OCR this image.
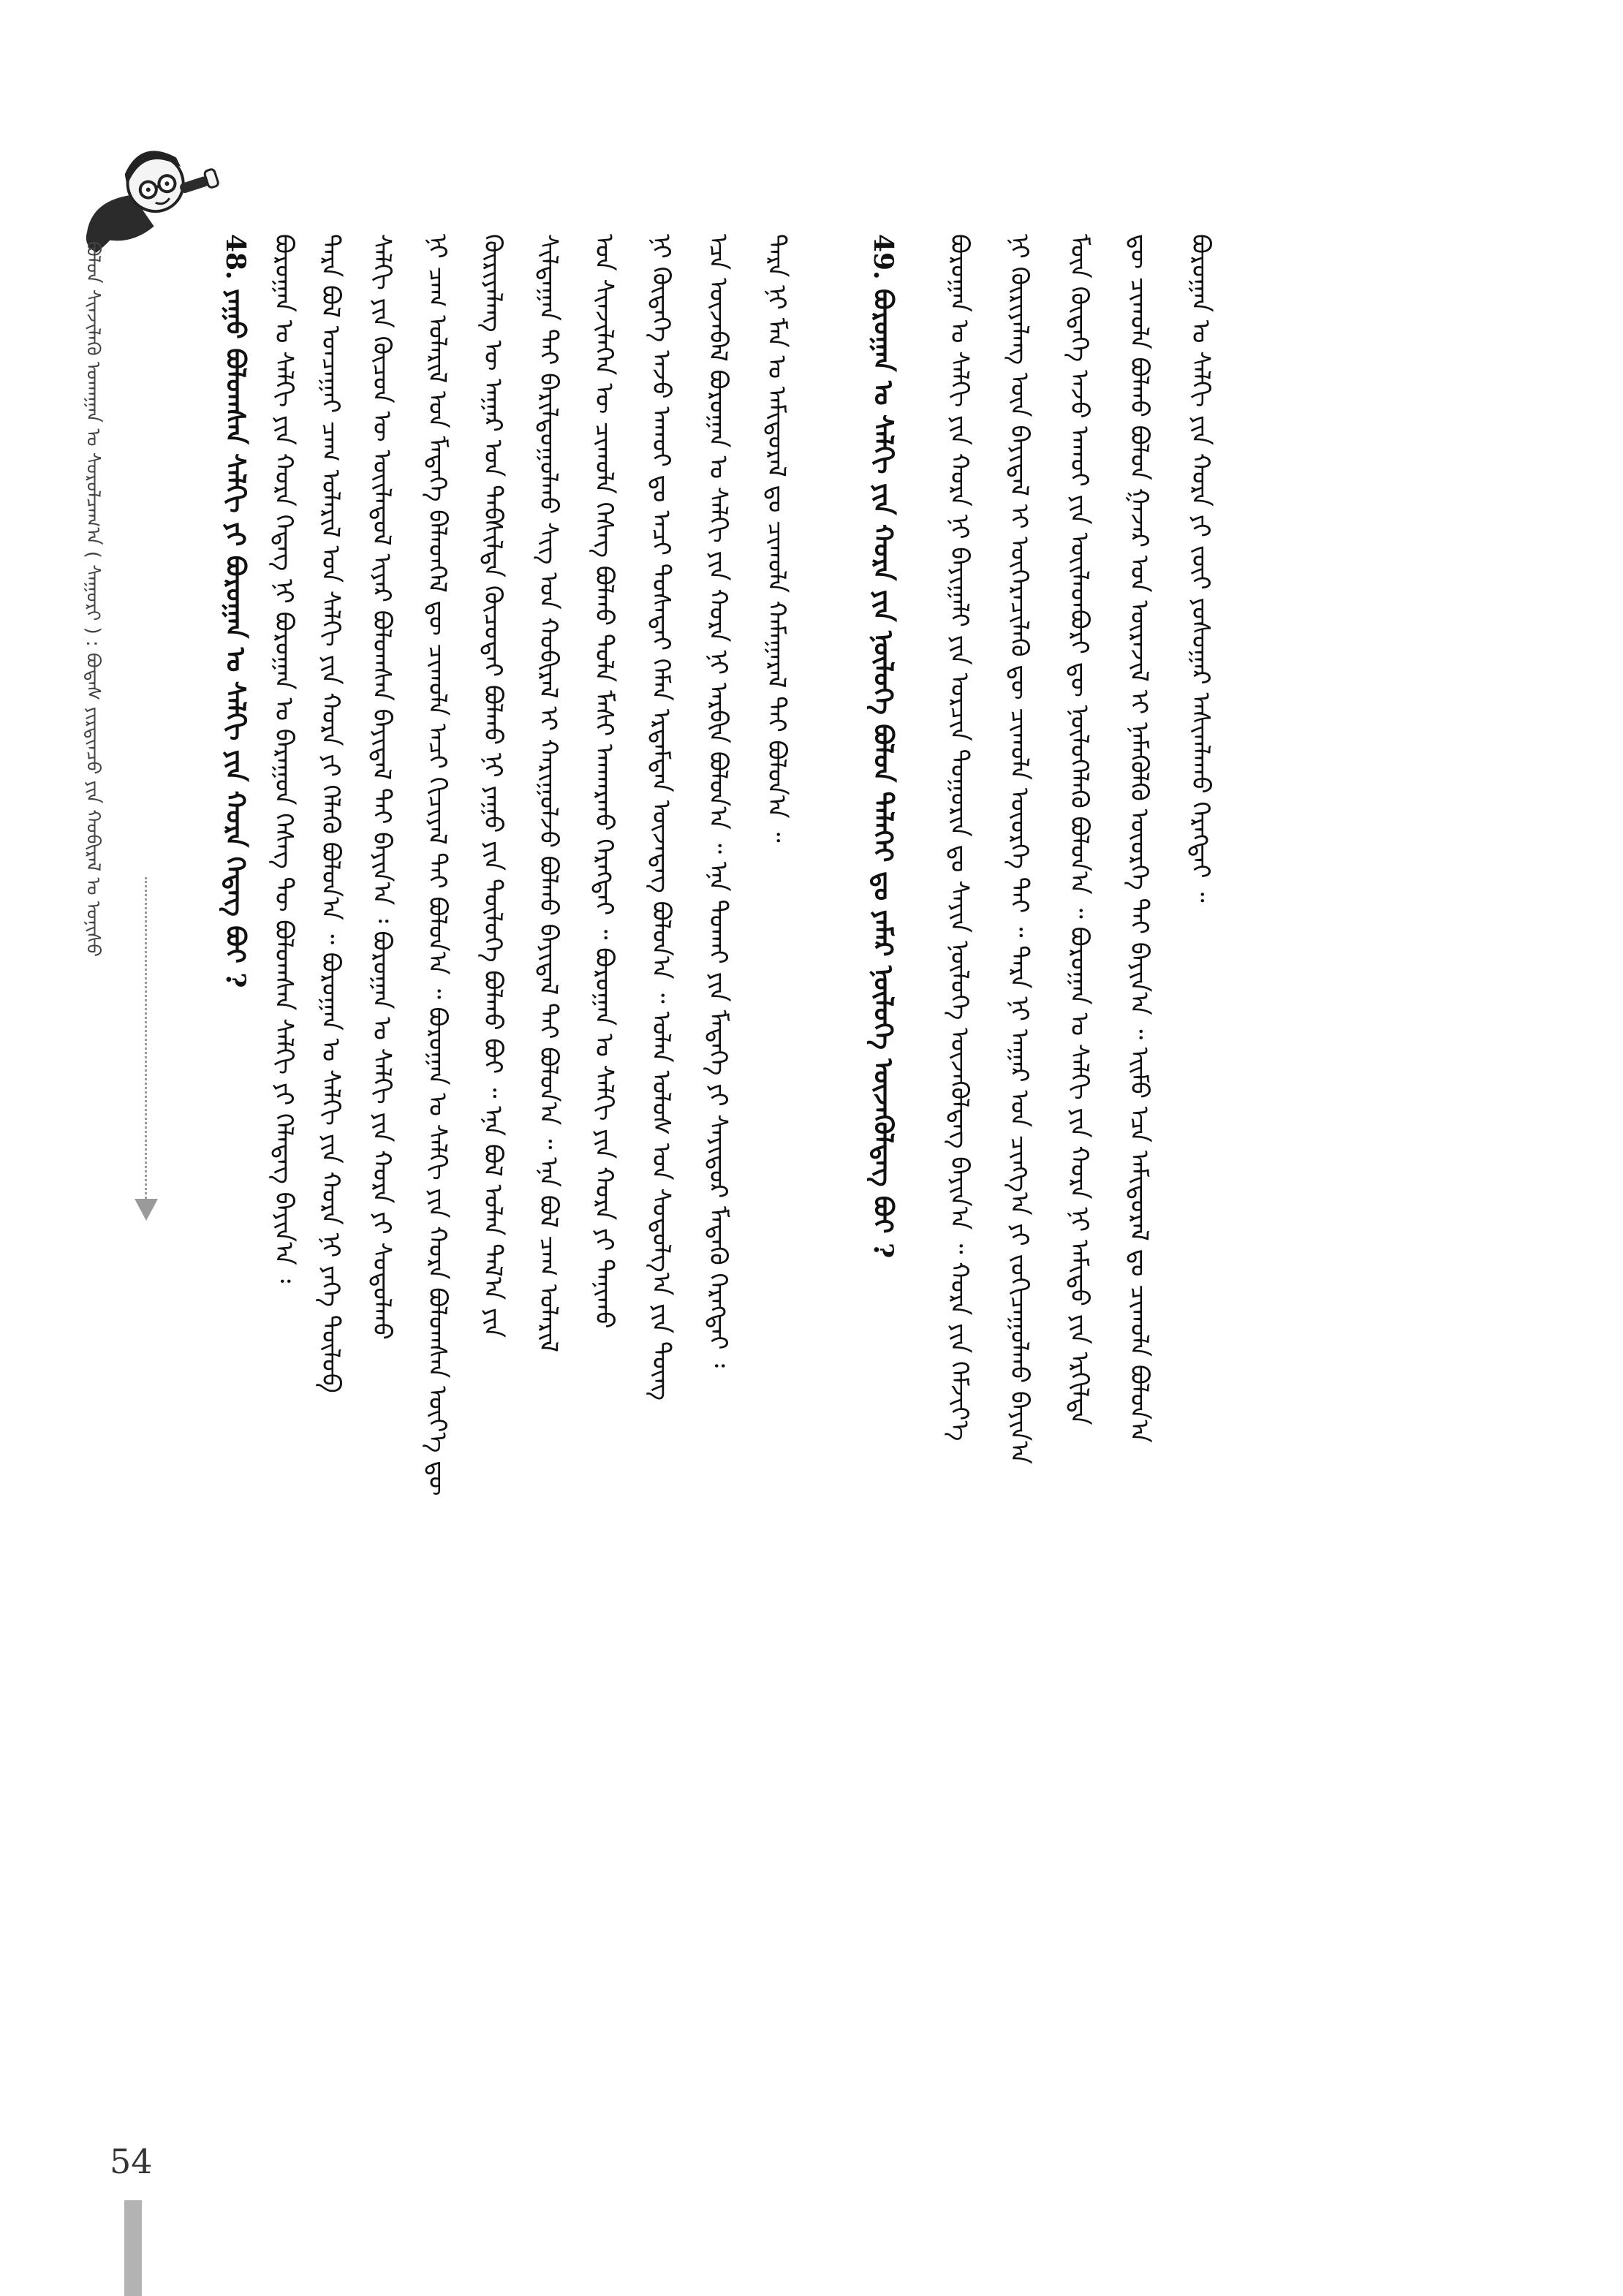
ᠪᠣᠯᠤᠨ ᠰᠢᠨᠵᠢᠯᠡᠬᠦ ᠤᠬᠠᠭᠠᠨ ᠤ ᠰᠤᠷᠤᠯᠴᠠᠭ᠎ᠠ ( ᠰᠠᠭᠤᠷᠢ ) : ᠪᠣᠳᠠᠰ ᠶᠢᠷᠲᠢᠨᠴᠦ ᠶᠢᠨ ᠬᠤᠪᠢᠷᠠᠯ ᠤ ᠣᠨᠢᠰᠤ	48. ᠶᠠᠭᠤ ᠪᠣᠯᠤᠭᠰᠠᠨ ᠰᠠᠯᠬᠢ ᠶᠢ ᠪᠣᠷᠤᠭᠠᠨ ᠤ ᠰᠠᠯᠬᠢ ᠶᠢᠨ ᠬᠤᠷᠠ ᠭᠡᠳᠡᠭ ᠪᠤᠢ ? ᠪᠣᠷᠤᠭᠠᠨ ᠤ ᠰᠠᠯᠬᠢ ᠶᠢᠨ ᠬᠤᠷᠠ ᠭᠡᠳᠡᠭ ᠨᠢ ᠪᠣᠷᠤᠭᠠᠨ ᠤ ᠪᠠᠷᠠᠭᠤᠨ ᠬᠡᠰᠡᠭ ᠲᠦ ᠪᠣᠯᠤᠭᠰᠠᠨ ᠰᠠᠯᠬᠢ ᠶᠢ ᠬᠡᠯᠡᠳᠡᠭ ᠪᠠᠶᠢᠨ᠎ᠠ ᠄ ᠲᠡᠷᠡ ᠪᠣᠯ ᠣᠨᠴᠠᠭᠠᠢ ᠴᠠᠭ ᠤᠯᠠᠷᠢᠯ ᠤᠨ ᠰᠠᠯᠬᠢ ᠶᠢᠨ ᠬᠤᠷᠠ ᠶᠢ ᠬᠡᠯᠡᠬᠦ ᠪᠣᠯᠤᠨ᠎ᠠ ᠃ ᠪᠣᠷᠤᠭᠠᠨ ᠤ ᠰᠠᠯᠬᠢ ᠶᠢᠨ ᠬᠤᠷᠠ ᠨᠢ ᠶᠡᠬᠡ ᠲᠥᠯᠥᠪ ᠰᠠᠯᠬᠢ ᠶᠢᠨ ᠬᠦᠴᠦᠨ ᠦ ᠦᠢᠯᠡᠳᠦᠯ ᠢᠶᠡᠷ ᠪᠣᠯᠤᠭᠰᠠᠨ ᠪᠠᠶᠢᠳᠠᠯ ᠲᠠᠢ ᠪᠠᠶᠢᠨ᠎ᠠ ᠄ ᠪᠣᠷᠤᠭᠠᠨ ᠤ ᠰᠠᠯᠬᠢ ᠶᠢᠨ ᠬᠤᠷᠠ ᠶᠢ ᠰᠤᠳᠤᠯᠬᠤ ᠨᠢ ᠴᠠᠭ ᠤᠯᠠᠷᠢᠯ ᠤᠨ ᠮᠡᠳᠡᠭᠡ ᠪᠡᠯᠡᠳᠬᠡᠯ ᠳᠦ ᠴᠢᠬᠤᠯᠠ ᠠᠴᠢ ᠬᠢᠴᠢᠶᠡᠯ ᠲᠠᠢ ᠪᠣᠯᠤᠨ᠎ᠠ ᠃ ᠪᠣᠷᠤᠭᠠᠨ ᠤ ᠰᠠᠯᠬᠢ ᠶᠢᠨ ᠬᠤᠷᠠ ᠪᠣᠯᠤᠭᠰᠠᠨ ᠦᠶ᠎ᠡ ᠳᠦ ᠬᠦᠷᠢᠶᠡᠯᠡᠩ ᠦ ᠠᠭᠠᠷ ᠤᠨ ᠳᠡᠪᠰᠢᠯᠲᠡ ᠬᠦᠴᠦᠲᠡᠶ ᠪᠣᠯᠬᠤ ᠨᠢ ᠶᠠᠭᠤ ᠶᠢᠨ ᠲᠥᠯᠥᠭᠡ ᠪᠣᠯᠬᠤ ᠪᠣᠢ ᠃ ᠡᠨᠡ ᠪᠣᠯ ᠣᠯᠠᠨ ᠲᠠᠯ᠎ᠠ ᠶᠢᠨ ᠰᠢᠯᠲᠠᠭᠠᠨ ᠲᠠᠢ ᠪᠠᠷᠢᠯᠳᠤᠭᠤᠯᠬᠤ ᠰᠢᠭ ᠤᠨ ᠬᠤᠪᠢᠷᠠᠯ ᠢ ᠬᠠᠷᠢᠭᠤᠯᠵᠤ ᠪᠣᠯᠬᠤ ᠪᠠᠶᠢᠳᠠᠯ ᠲᠠᠢ ᠪᠣᠯᠤᠨ᠎ᠠ ᠃ ᠡᠨᠡ ᠪᠣᠯ ᠴᠠᠭ ᠤᠯᠠᠷᠢᠯ ᠤᠨ ᠰᠢᠨᠵᠢᠯᠡᠭᠡᠨ ᠦ ᠴᠢᠬᠤᠯᠠ ᠬᠡᠰᠡᠭ ᠪᠣᠯᠬᠤ ᠲᠤᠯᠠ ᠮᠠᠰᠢ ᠠᠨᠬᠠᠷᠬᠤ ᠬᠡᠷᠡᠭᠲᠡᠢ ᠃ ᠪᠣᠷᠤᠭᠠᠨ ᠤ ᠰᠠᠯᠬᠢ ᠶᠢᠨ ᠬᠤᠷᠠ ᠶᠢ ᠲᠠᠨᠢᠬᠤ ᠨᠢ ᠬᠥᠳᠡᠭᠡ ᠠᠵᠤ ᠠᠬᠤᠢ ᠳᠤ ᠠᠴᠢ ᠲᠤᠰᠠᠲᠠᠢ ᠬᠡᠮᠡᠨ ᠡᠷᠳᠡᠮᠲᠡᠨ ᠦᠵᠡᠳᠡᠭ ᠪᠣᠯᠤᠨ᠎ᠠ ᠃ ᠣᠯᠠᠨ ᠤᠯᠤᠰ ᠤᠨ ᠰᠤᠳᠤᠯᠭ᠎ᠠ ᠶᠢᠨ ᠳᠦᠩ ᠡᠴᠡ ᠦᠵᠡᠪᠡᠯ ᠪᠣᠷᠤᠭᠠᠨ ᠤ ᠰᠠᠯᠬᠢ ᠶᠢᠨ ᠬᠤᠷᠠ ᠨᠢ ᠠᠷᠪᠢᠨ ᠪᠣᠯᠤᠨ᠎ᠠ ᠃ ᠡᠨᠡ ᠲᠤᠬᠠᠢ ᠶᠢᠨ ᠮᠡᠳᠡᠭᠡ ᠶᠢ ᠰᠠᠶᠢᠲᠤᠷ ᠮᠡᠳᠡᠬᠦ ᠬᠡᠷᠡᠭᠲᠡᠢ ᠄ ᠲᠡᠷᠡ ᠨᠢ ᠮᠠᠨ ᠤ ᠠᠮᠢᠳᠤᠷᠠᠯ ᠳᠤ ᠴᠢᠬᠤᠯᠠ ᠬᠠᠮᠠᠭᠠᠷᠠᠯ ᠲᠠᠢ ᠪᠣᠯᠤᠨ᠎ᠠ ᠃	49. ᠪᠣᠷᠤᠭᠠᠨ ᠤ ᠰᠠᠯᠬᠢ ᠶᠢᠨ ᠬᠤᠷᠠ ᠶᠢᠨ ᠨᠥᠯᠥᠭᠡ ᠪᠣᠯᠤᠨ ᠳᠡᠯᠡᠭᠡᠢ ᠳᠤ ᠶᠠᠮᠠᠷ ᠨᠥᠯᠥᠭᠡ ᠦᠵᠡᠭᠦᠯᠳᠡᠭ ᠪᠤᠢ ? ᠪᠣᠷᠤᠭᠠᠨ ᠤ ᠰᠠᠯᠬᠢ ᠶᠢᠨ ᠬᠤᠷᠠ ᠨᠢ ᠪᠠᠶᠢᠭᠠᠯᠢ ᠶᠢᠨ ᠣᠷᠴᠢᠨ ᠲᠣᠭᠣᠷᠢᠨ ᠳᠤ ᠰᠠᠶᠢᠨ ᠨᠥᠯᠥᠭᠡ ᠦᠵᠡᠭᠦᠯᠳᠡᠭ ᠪᠠᠶᠢᠨ᠎ᠠ ᠃ ᠬᠤᠷᠠ ᠶᠢᠨ ᠬᠡᠮᠵᠢᠶ᠎ᠡ ᠨᠢ ᠬᠦᠷᠢᠶᠡᠯᠡᠩ ᠦᠨ ᠪᠠᠶᠢᠳᠠᠯ ᠢ ᠥᠭᠡᠷᠡᠴᠢᠯᠡᠬᠦ ᠳᠦ ᠴᠢᠬᠤᠯᠠ ᠦᠦᠷᠭᠡ ᠲᠠᠢ ᠃ ᠲᠡᠷᠡ ᠨᠢ ᠠᠭᠠᠷ ᠤᠨ ᠴᠢᠩᠭ᠎ᠠ ᠶᠢ ᠵᠣᠬᠢᠴᠠᠭᠤᠯᠬᠤ ᠪᠠᠶᠢᠨ᠎ᠠ ᠮᠥᠨ ᠬᠥᠳᠡᠭᠡ ᠠᠵᠤ ᠠᠬᠤᠢ ᠶᠢᠨ ᠦᠢᠯᠡᠳᠪᠦᠷᠢ ᠳᠦ ᠨᠥᠯᠥᠭᠡᠯᠡᠬᠦ ᠪᠣᠯᠤᠨ᠎ᠠ ᠃ ᠪᠣᠷᠤᠭᠠᠨ ᠤ ᠰᠠᠯᠬᠢ ᠶᠢᠨ ᠬᠤᠷᠠ ᠨᠢ ᠠᠮᠢᠳᠤ ᠶᠢᠨ ᠡᠷᠭᠢᠯᠲᠡ ᠳᠦ ᠴᠢᠬᠤᠯᠠ ᠪᠣᠯᠬᠤ ᠪᠣᠯᠤᠨ ᠭᠠᠵᠠᠷ ᠤᠨ ᠦᠷᠡᠵᠢᠯ ᠢ ᠨᠡᠮᠡᠭᠦᠯᠬᠦ ᠦᠦᠷᠭᠡ ᠲᠠᠢ ᠪᠠᠶᠢᠨ᠎ᠠ ᠃ ᠡᠢᠮᠦ ᠡᠴᠡ ᠠᠮᠢᠳᠤᠷᠠᠯ ᠳᠤ ᠴᠢᠬᠤᠯᠠ ᠪᠣᠯᠤᠨ᠎ᠠ ᠪᠣᠷᠤᠭᠠᠨ ᠤ ᠰᠠᠯᠬᠢ ᠶᠢᠨ ᠬᠤᠷᠠ ᠶᠢ ᠵᠦᠢ ᠶᠣᠰᠣᠭᠠᠷ ᠠᠰᠢᠭᠯᠠᠬᠤ ᠬᠡᠷᠡᠭᠲᠡᠢ ᠃
54
